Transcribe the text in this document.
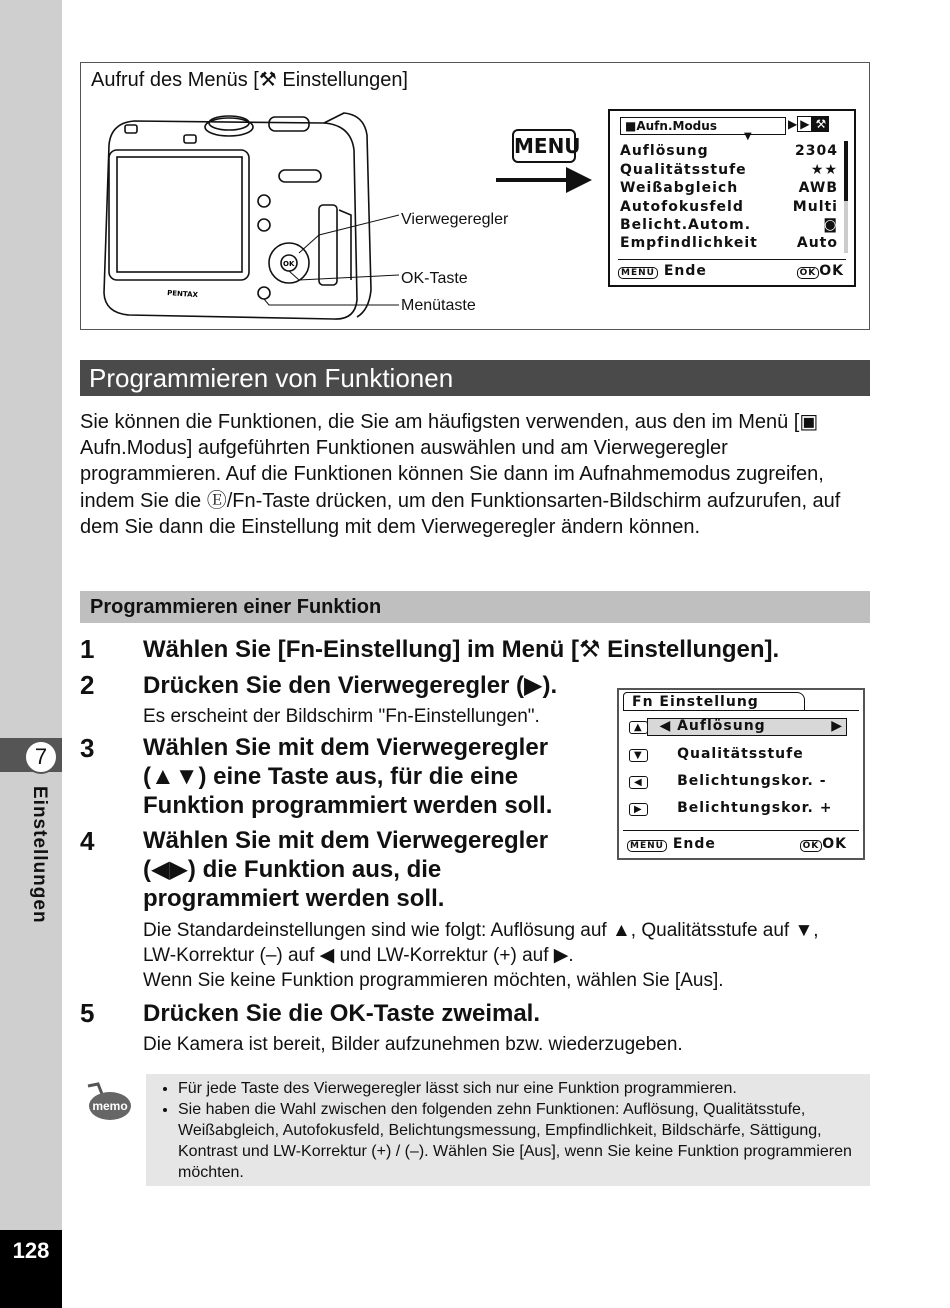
7
Einstellungen
128
Aufruf des Menüs [⚒ Einstellungen]
PENTAX
OK
Vierwegeregler
OK-Taste
Menütaste
MENU
■Aufn.Modus	▶ ▶ ⚒
▼
Auflösung	2304
Qualitätsstufe	★★
Weißabgleich	AWB
Autofokusfeld	Multi
Belicht.Autom.	◙
Empfindlichkeit	Auto
MENU Ende	OK OK
Programmieren von Funktionen
Sie können die Funktionen, die Sie am häufigsten verwenden, aus den im Menü [▣ Aufn.Modus] aufgeführten Funktionen auswählen und am Vierwegeregler programmieren. Auf die Funktionen können Sie dann im Aufnahmemodus zugreifen, indem Sie die Ⓔ/Fn-Taste drücken, um den Funktionsarten-Bildschirm aufzurufen, auf dem Sie dann die Einstellung mit dem Vierwegeregler ändern können.
Programmieren einer Funktion
1 Wählen Sie [Fn-Einstellung] im Menü [⚒ Einstellungen].
2 Drücken Sie den Vierwegeregler (▶).
Es erscheint der Bildschirm "Fn-Einstellungen".
3 Wählen Sie mit dem Vierwegeregler
(▲▼) eine Taste aus, für die eine
Funktion programmiert werden soll.
4 Wählen Sie mit dem Vierwegeregler
(◀▶) die Funktion aus, die
programmiert werden soll.
Die Standardeinstellungen sind wie folgt: Auflösung auf ▲, Qualitätsstufe auf ▼,
LW-Korrektur (–) auf ◀ und LW-Korrektur (+) auf ▶.
Wenn Sie keine Funktion programmieren möchten, wählen Sie [Aus].
5 Drücken Sie die OK-Taste zweimal.
Die Kamera ist bereit, Bilder aufzunehmen bzw. wiederzugeben.
Fn Einstellung
▲  ◀ Auflösung	▶
▼ Qualitätsstufe
◀ Belichtungskor. -
▶ Belichtungskor. +
MENU Ende	OK OK
memo
• Für jede Taste des Vierwegeregler lässt sich nur eine Funktion programmieren.
• Sie haben die Wahl zwischen den folgenden zehn Funktionen: Auflösung, Qualitätsstufe, Weißabgleich, Autofokusfeld, Belichtungsmessung, Empfindlichkeit, Bildschärfe, Sättigung, Kontrast und LW-Korrektur (+) / (–). Wählen Sie [Aus], wenn Sie keine Funktion programmieren möchten.
